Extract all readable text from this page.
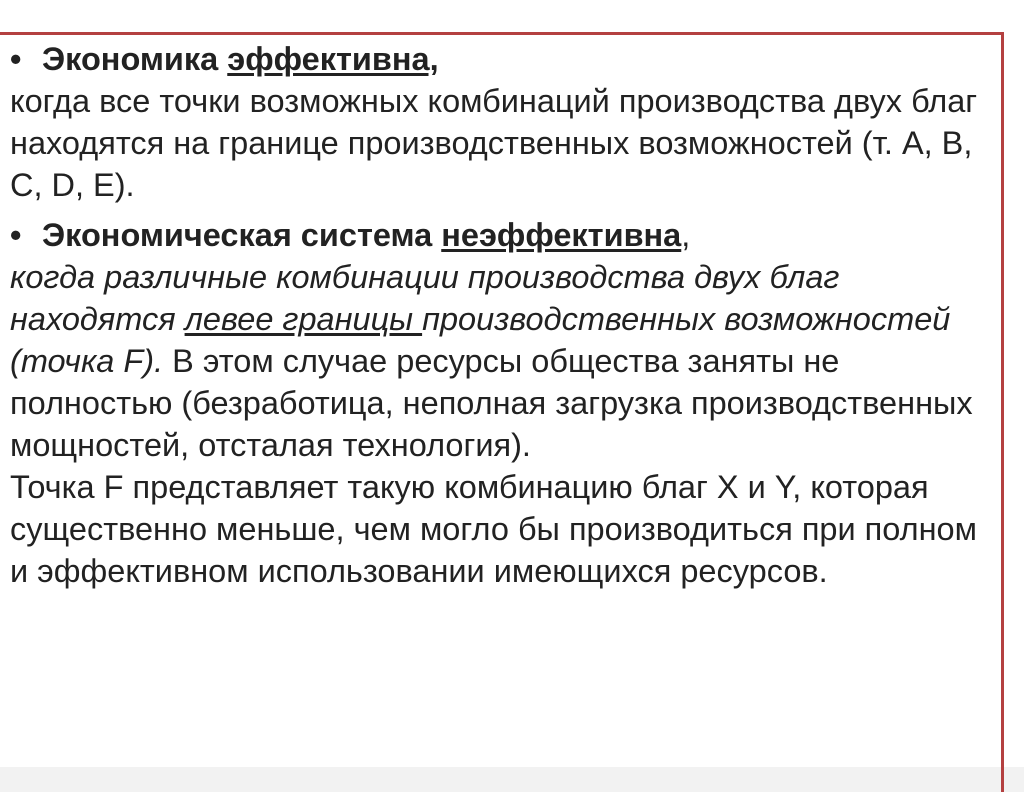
• Экономика эффективна,

когда все точки возможных комбинаций производства двух благ находятся на границе производственных возможностей (т. А, В, С, D, E).

• Экономическая система неэффективна,

когда различные комбинации производства двух благ находятся левее границы производственных возможностей (точка F). В этом случае ресурсы общества заняты не полностью (безработица, неполная загрузка производственных мощностей, отсталая технология).

Точка F представляет такую комбинацию благ X и Y, которая существенно меньше, чем могло бы производиться при полном и эффективном использовании имеющихся ресурсов.
